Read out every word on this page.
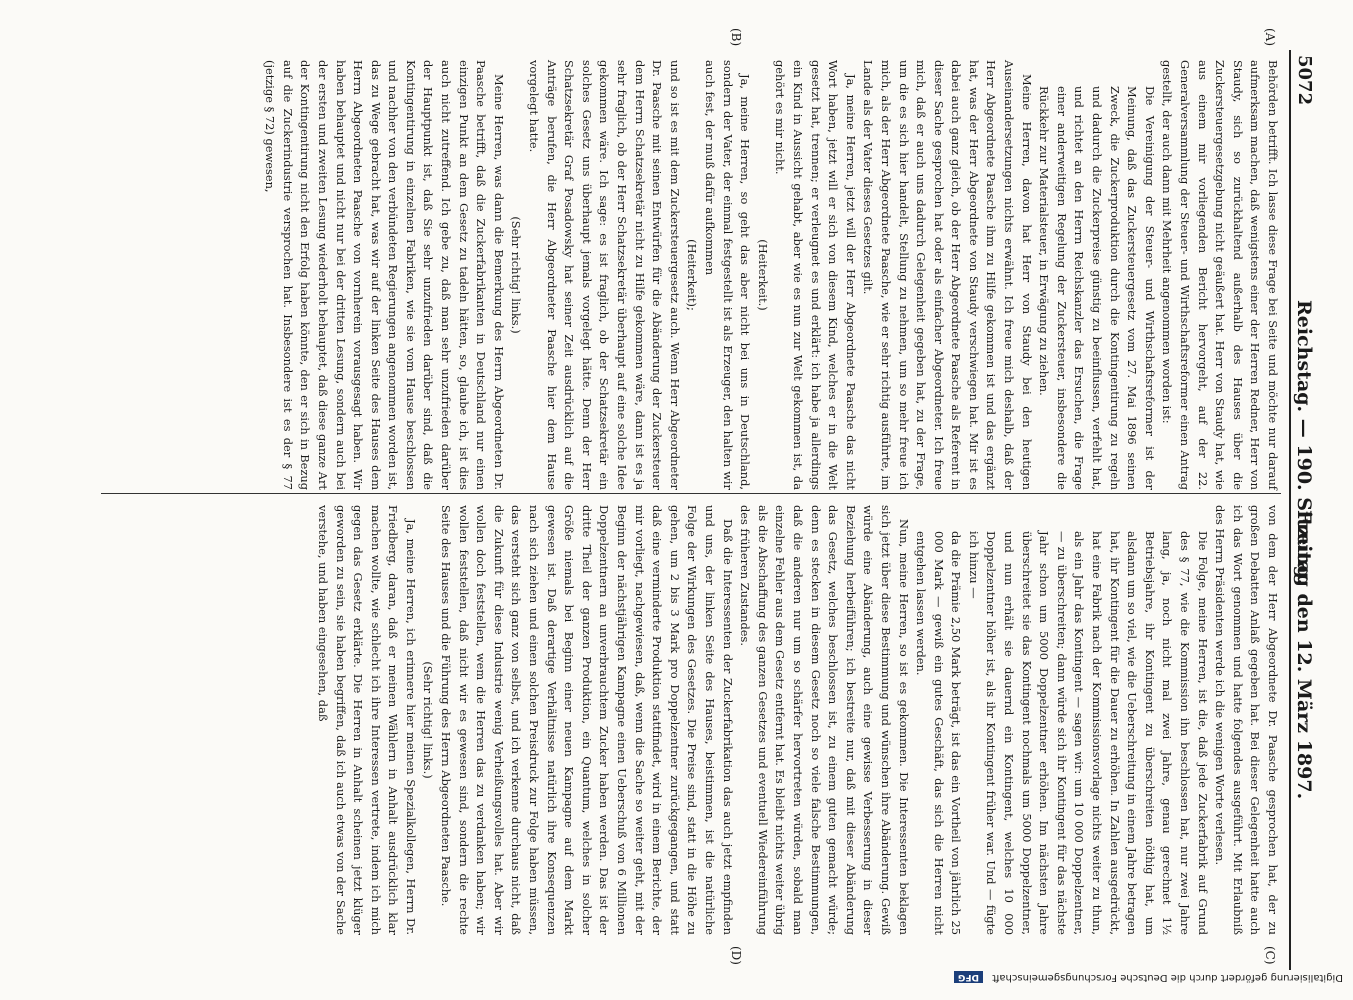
5072
Reichstag. — 190. Sitzung.
Freitag den 12. März 1897.
(A)
(B)
(C)
(D)

Behörden betrifft. Ich lasse diese Frage bei Seite und möchte nur darauf aufmerksam machen, daß wenigstens einer der Herren Redner, Herr von Staudy, sich so zurückhaltend außerhalb des Hauses über die Zuckersteuergesetzgebung nicht geäußert hat. Herr von Staudy hat, wie aus einem mir vorliegenden Bericht hervorgeht, auf der 22. Generalversammlung der Steuer- und Wirthschaftsreformer einen Antrag gestellt, der auch dann mit Mehrheit angenommen worden ist:

Die Vereinigung der Steuer- und Wirthschaftsreformer ist der Meinung, daß das Zuckersteuergesetz vom 27. Mai 1896 seinen Zweck, die Zuckerproduktion durch die Kontingentirung zu regeln und dadurch die Zuckerpreise günstig zu beeinflussen, verfehlt hat, und richtet an den Herrn Reichskanzler das Ersuchen, die Frage einer anderweitigen Regelung der Zuckersteuer, insbesondere die Rückkehr zur Materialsteuer, in Erwägung zu ziehen.

Meine Herren, davon hat Herr von Staudy bei den heutigen Auseinandersetzungen nichts erwähnt. Ich freue mich deshalb, daß der Herr Abgeordnete Paasche ihm zu Hilfe gekommen ist und das ergänzt hat, was der Herr Abgeordnete von Staudy verschwiegen hat. Mir ist es dabei auch ganz gleich, ob der Herr Abgeordnete Paasche als Referent in dieser Sache gesprochen hat oder als einfacher Abgeordneter. Ich freue mich, daß er auch uns dadurch Gelegenheit gegeben hat, zu der Frage, um die es sich hier handelt, Stellung zu nehmen, um so mehr freue ich mich, als der Herr Abgeordnete Paasche, wie er sehr richtig ausführte, im Lande als der Vater dieses Gesetzes gilt.

Ja, meine Herren, jetzt will der Herr Abgeordnete Paasche das nicht Wort haben, jetzt will er sich von diesem Kind, welches er in die Welt gesetzt hat, trennen; er verleugnet es und erklärt: ich habe ja allerdings ein Kind in Aussicht gehabt, aber wie es nun zur Welt gekommen ist, da gehört es mir nicht.

(Heiterkeit.)

Ja, meine Herren, so geht das aber nicht bei uns in Deutschland, sondern der Vater, der einmal festgestellt ist als Erzeuger, den halten wir auch fest, der muß dafür aufkommen

(Heiterkeit);

und so ist es mit dem Zuckersteuergesetz auch. Wenn Herr Abgeordneter Dr. Paasche mit seinen Entwürfen für die Abänderung der Zuckersteuer dem Herrn Schatzsekretär nicht zu Hilfe gekommen wäre, dann ist es ja sehr fraglich, ob der Herr Schatzsekretär überhaupt auf eine solche Idee gekommen wäre. Ich sage: es ist fraglich, ob der Schatzsekretär ein solches Gesetz uns überhaupt jemals vorgelegt hätte. Denn der Herr Schatzsekretär Graf Posadowsky hat seiner Zeit ausdrücklich auf die Anträge berufen, die Herr Abgeordneter Paasche hier dem Hause vorgelegt hatte.

(Sehr richtig! links.)

Meine Herren, was dann die Bemerkung des Herrn Abgeordneten Dr. Paasche betrifft, daß die Zuckerfabrikanten in Deutschland nur einen einzigen Punkt an dem Gesetz zu tadeln hätten, so, glaube ich, ist dies auch nicht zutreffend. Ich gebe zu, daß man sehr unzufrieden darüber der Hauptpunkt ist, daß Sie sehr unzufrieden darüber sind, daß die Kontingentirung in einzelnen Fabriken, wie sie vom Hause beschlossen und nachher von den verbündeten Regierungen angenommen worden ist, das zu Wege gebracht hat, was wir auf der linken Seite des Hauses dem Herrn Abgeordneten Paasche von vornherein vorausgesagt haben. Wir haben behauptet und nicht nur bei der dritten Lesung, sondern auch bei der ersten und zweiten Lesung wiederholt behauptet, daß diese ganze Art der Kontingentirung nicht den Erfolg haben könnte, den er sich in Bezug auf die Zuckerindustrie versprochen hat. Insbesondere ist es der § 77 (jetzige § 72) gewesen,

von dem der Herr Abgeordnete Dr. Paasche gesprochen hat, der zu großen Debatten Anlaß gegeben hat. Bei dieser Gelegenheit hatte auch ich das Wort genommen und hatte folgendes ausgeführt. Mit Erlaubniß des Herrn Präsidenten werde ich die wenigen Worte verlesen.

Die Folge, meine Herren, ist die, daß jede Zuckerfabrik auf Grund des § 77, wie die Kommission ihn beschlossen hat, nur zwei Jahre lang, ja, noch nicht mal zwei Jahre, genau gerechnet 1½ Betriebsjahre, ihr Kontingent zu überschreiten nöthig hat, um alsdann um so viel, wie die Ueberschreitung in einem Jahre betragen hat, ihr Kontingent für die Dauer zu erhöhen. In Zahlen ausgedrückt, hat eine Fabrik nach der Kommissionsvorlage nichts weiter zu thun, als ein Jahr das Kontingent — sagen wir: um 10 000 Doppelzentner, — zu überschreiten; dann würde sich ihr Kontingent für das nächste Jahr schon um 5000 Doppelzentner erhöhen. Im nächsten Jahre überschreitet sie das Kontingent nochmals um 5000 Doppelzentner, und nun erhält sie dauernd ein Kontingent, welches 10 000 Doppelzentner höher ist, als ihr Kontingent früher war. Und — fügte ich hinzu —

da die Prämie 2,50 Mark beträgt, ist das ein Vortheil von jährlich 25 000 Mark — gewiß ein gutes Geschäft, das sich die Herren nicht entgehen lassen werden.

Nun, meine Herren, so ist es gekommen. Die Interessenten beklagen sich jetzt über diese Bestimmung und wünschen ihre Abänderung. Gewiß würde eine Abänderung, auch eine gewisse Verbesserung in dieser Beziehung herbeiführen; ich bestreite nur, daß mit dieser Abänderung das Gesetz, welches beschlossen ist, zu einem guten gemacht würde; denn es stecken in diesem Gesetz noch so viele falsche Bestimmungen, daß die anderen nur um so schärfer hervortreten würden, sobald man einzelne Fehler aus dem Gesetz entfernt hat. Es bleibt nichts weiter übrig als die Abschaffung des ganzen Gesetzes und eventuell Wiedereinführung des früheren Zustandes.

Daß die Interessenten der Zuckerfabrikation das auch jetzt empfinden und uns, der linken Seite des Hauses, beistimmen, ist die natürliche Folge der Wirkungen des Gesetzes. Die Preise sind, statt in die Höhe zu gehen, um 2 bis 3 Mark pro Doppelzentner zurückgegangen, und statt daß eine verminderte Produktion stattfindet, wird in einem Berichte, der mir vorliegt, nachgewiesen, daß, wenn die Sache so weiter geht, mit der Beginn der nächstjährigen Kampagne einen Ueberschuß von 6 Millionen Doppelzentnern an unverbrauchtem Zucker haben werden. Das ist der dritte Theil der ganzen Produktion, ein Quantum, welches in solcher Größe niemals bei Beginn einer neuen Kampagne auf dem Markt gewesen ist. Daß derartige Verhältnisse natürlich ihre Konsequenzen nach sich ziehen und einen solchen Preisdruck zur Folge haben müssen, das versteht sich ganz von selbst, und ich verkenne durchaus nicht, daß die Zukunft für diese Industrie wenig Verheißungsvolles hat. Aber wir wollen doch feststellen, wem die Herren das zu verdanken haben; wir wollen feststellen, daß nicht wir es gewesen sind, sondern die rechte Seite des Hauses und die Führung des Herrn Abgeordneten Paasche.

(Sehr richtig! links.)

Ja, meine Herren, ich erinnere hier meinen Spezialkollegen, Herrn Dr. Friedberg, daran, daß er meinen Wählern in Anhalt ausdrücklich klar machen wollte, wie schlecht ich ihre Interessen vertrete, indem ich mich gegen das Gesetz erklärte. Die Herren in Anhalt scheinen jetzt klüger geworden zu sein, sie haben begriffen, daß ich auch etwas von der Sache verstehe, und haben eingesehen, daß

Digitalisierung gefördert durch die Deutsche Forschungsgemeinschaft DFG
